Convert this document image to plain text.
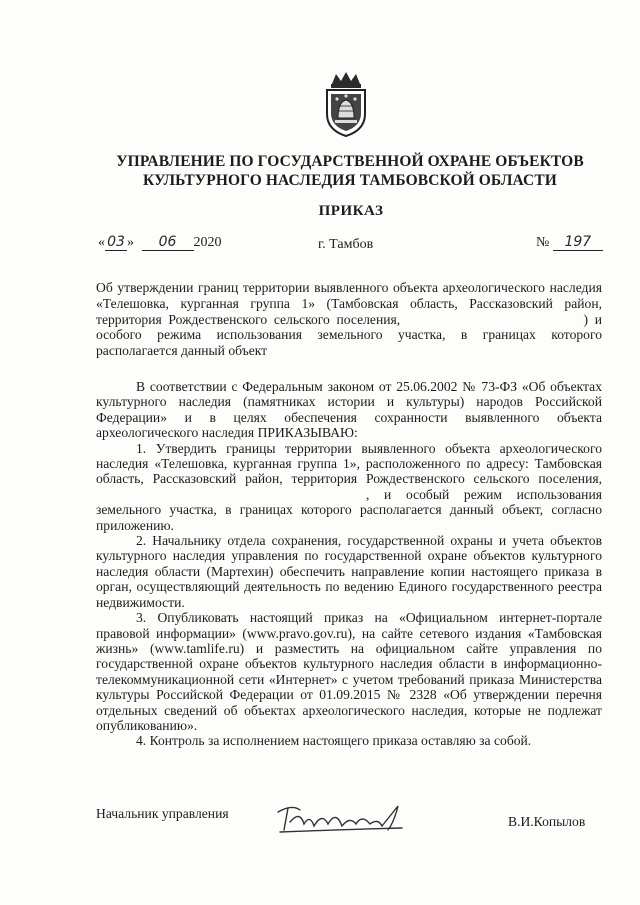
УПРАВЛЕНИЕ ПО ГОСУДАРСТВЕННОЙ ОХРАНЕ ОБЪЕКТОВ
КУЛЬТУРНОГО НАСЛЕДИЯ ТАМБОВСКОЙ ОБЛАСТИ
ПРИКАЗ
« 03 » 06 2020	г. Тамбов	№ 197
Об утверждении границ территории выявленного объекта археологического наследия «Телешовка, курганная группа 1» (Тамбовская область, Рассказовский район, территория Рождественского сельского поселения,	) и особого режима использования земельного участка, в границах которого располагается данный объект

В соответствии с Федеральным законом от 25.06.2002 № 73-ФЗ «Об объектах культурного наследия (памятниках истории и культуры) народов Российской Федерации» и в целях обеспечения сохранности выявленного объекта археологического наследия ПРИКАЗЫВАЮ:

1. Утвердить границы территории выявленного объекта археологического наследия «Телешовка, курганная группа 1», расположенного по адресу: Тамбовская область, Рассказовский район, территория Рождественского сельского поселения, , и особый режим использования земельного участка, в границах которого располагается данный объект, согласно приложению.

2. Начальнику отдела сохранения, государственной охраны и учета объектов культурного наследия управления по государственной охране объектов культурного наследия области (Мартехин) обеспечить направление копии настоящего приказа в орган, осуществляющий деятельность по ведению Единого государственного реестра недвижимости.

3. Опубликовать настоящий приказ на «Официальном интернет-портале правовой информации» (www.pravo.gov.ru), на сайте сетевого издания «Тамбовская жизнь» (www.tamlife.ru) и разместить на официальном сайте управления по государственной охране объектов культурного наследия области в информационно-телекоммуникационной сети «Интернет» с учетом требований приказа Министерства культуры Российской Федерации от 01.09.2015 № 2328 «Об утверждении перечня отдельных сведений об объектах археологического наследия, которые не подлежат опубликованию».

4. Контроль за исполнением настоящего приказа оставляю за собой.

Начальник управления
В.И.Копылов
